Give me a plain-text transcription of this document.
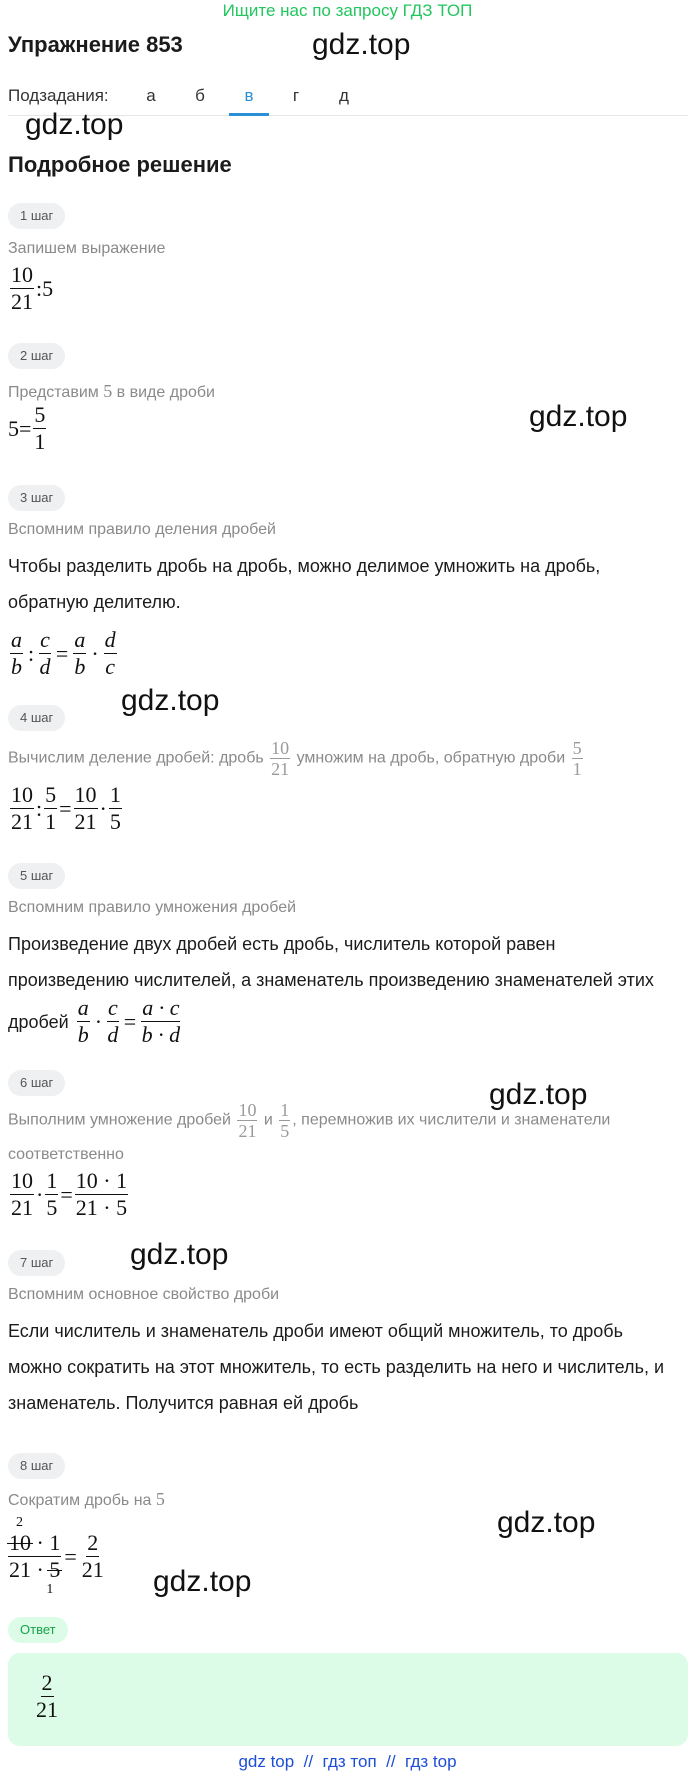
Ищите нас по запросу ГДЗ ТОП
Упражнение 853	gdz.top
Подзадания:	а	б	в	г	д
gdz.top
Подробное решение
1 шаг
Запишем выражение
$\frac{10}{21}$ :5
2 шаг
Представим 5 в виде дроби
$5= \frac{5}{1}$	gdz.top
3 шаг
Вспомним правило деления дробей
Чтобы разделить дробь на дробь, можно делимое умножить на дробь,
обратную делителю.
$\frac{a}{b}$ : $\frac{c}{d} = \frac{a}{b} \cdot \frac{d}{c}$
gdz.top
4 шаг
Вычислим деление дробей: дробь $\frac{10}{21}$ умножим на дробь, обратную дроби $\frac{5}{1}$
$\frac{10}{21}$ : $\frac{5}{1} = \frac{10}{21} \cdot \frac{1}{5}$
5 шаг
Вспомним правило умножения дробей
Произведение двух дробей есть дробь, числитель которой равен
произведению числителей, а знаменатель произведению знаменателей этих
дробей $\frac{a}{b} \cdot \frac{c}{d} = \frac{a \cdot c}{b \cdot d}$
6 шаг	gdz.top
Выполним умножение дробей $\frac{10}{21}$ и $\frac{1}{5}$ , перемножив их числители и знаменатели
соответственно
$\frac{10}{21} \cdot \frac{1}{5} = \frac{10 \cdot 1}{21 \cdot 5}$
7 шаг	gdz.top
Вспомним основное свойство дроби
Если числитель и знаменатель дроби имеют общий множитель, то дробь
можно сократить на этот множитель, то есть разделить на него и числитель, и
знаменатель. Получится равная ей дробь
8 шаг
Сократим дробь на 5
gdz.top
2
10 · 1
21 · 5
1
= $\frac{2}{21} gdz.top$
Ответ
$\frac{2}{21}$
gdz top  //  гдз топ  //  гдз top
